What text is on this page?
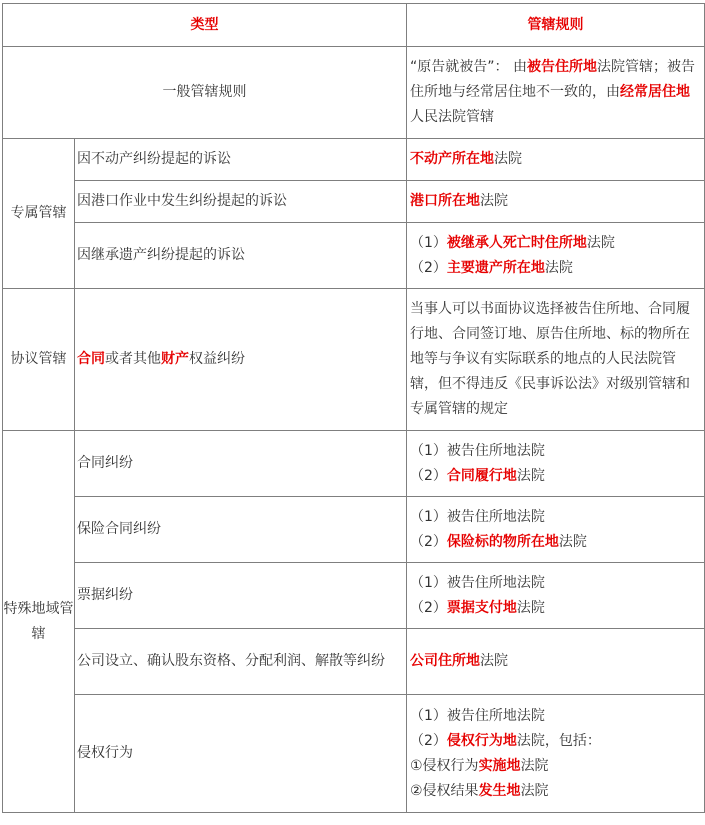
类型		管辖规则
一般管辖规则		“原告就被告”： 由被告住所地法院管辖；被告住所地与经常居住地不一致的，由经常居住地人民法院管辖

专属管辖	因不动产纠纷提起的诉讼	不动产所在地法院

	因港口作业中发生纠纷提起的诉讼	港口所在地法院

	因继承遗产纠纷提起的诉讼	（1）被继承人死亡时住所地法院
（2）主要遗产所在地法院

协议管辖	合同或者其他财产权益纠纷	当事人可以书面协议选择被告住所地、合同履行地、合同签订地、原告住所地、标的物所在地等与争议有实际联系的地点的人民法院管辖，但不得违反《民事诉讼法》对级别管辖和专属管辖的规定
特殊地域管辖	合同纠纷	（1）被告住所地法院
（2）合同履行地法院

	保险合同纠纷	（1）被告住所地法院
（2）保险标的物所在地法院

	票据纠纷	（1）被告住所地法院
（2）票据支付地法院

	公司设立、确认股东资格、分配利润、解散等纠纷	公司住所地法院

	侵权行为	（1）被告住所地法院
（2）侵权行为地法院，包括：
①侵权行为实施地法院
②侵权结果发生地法院
